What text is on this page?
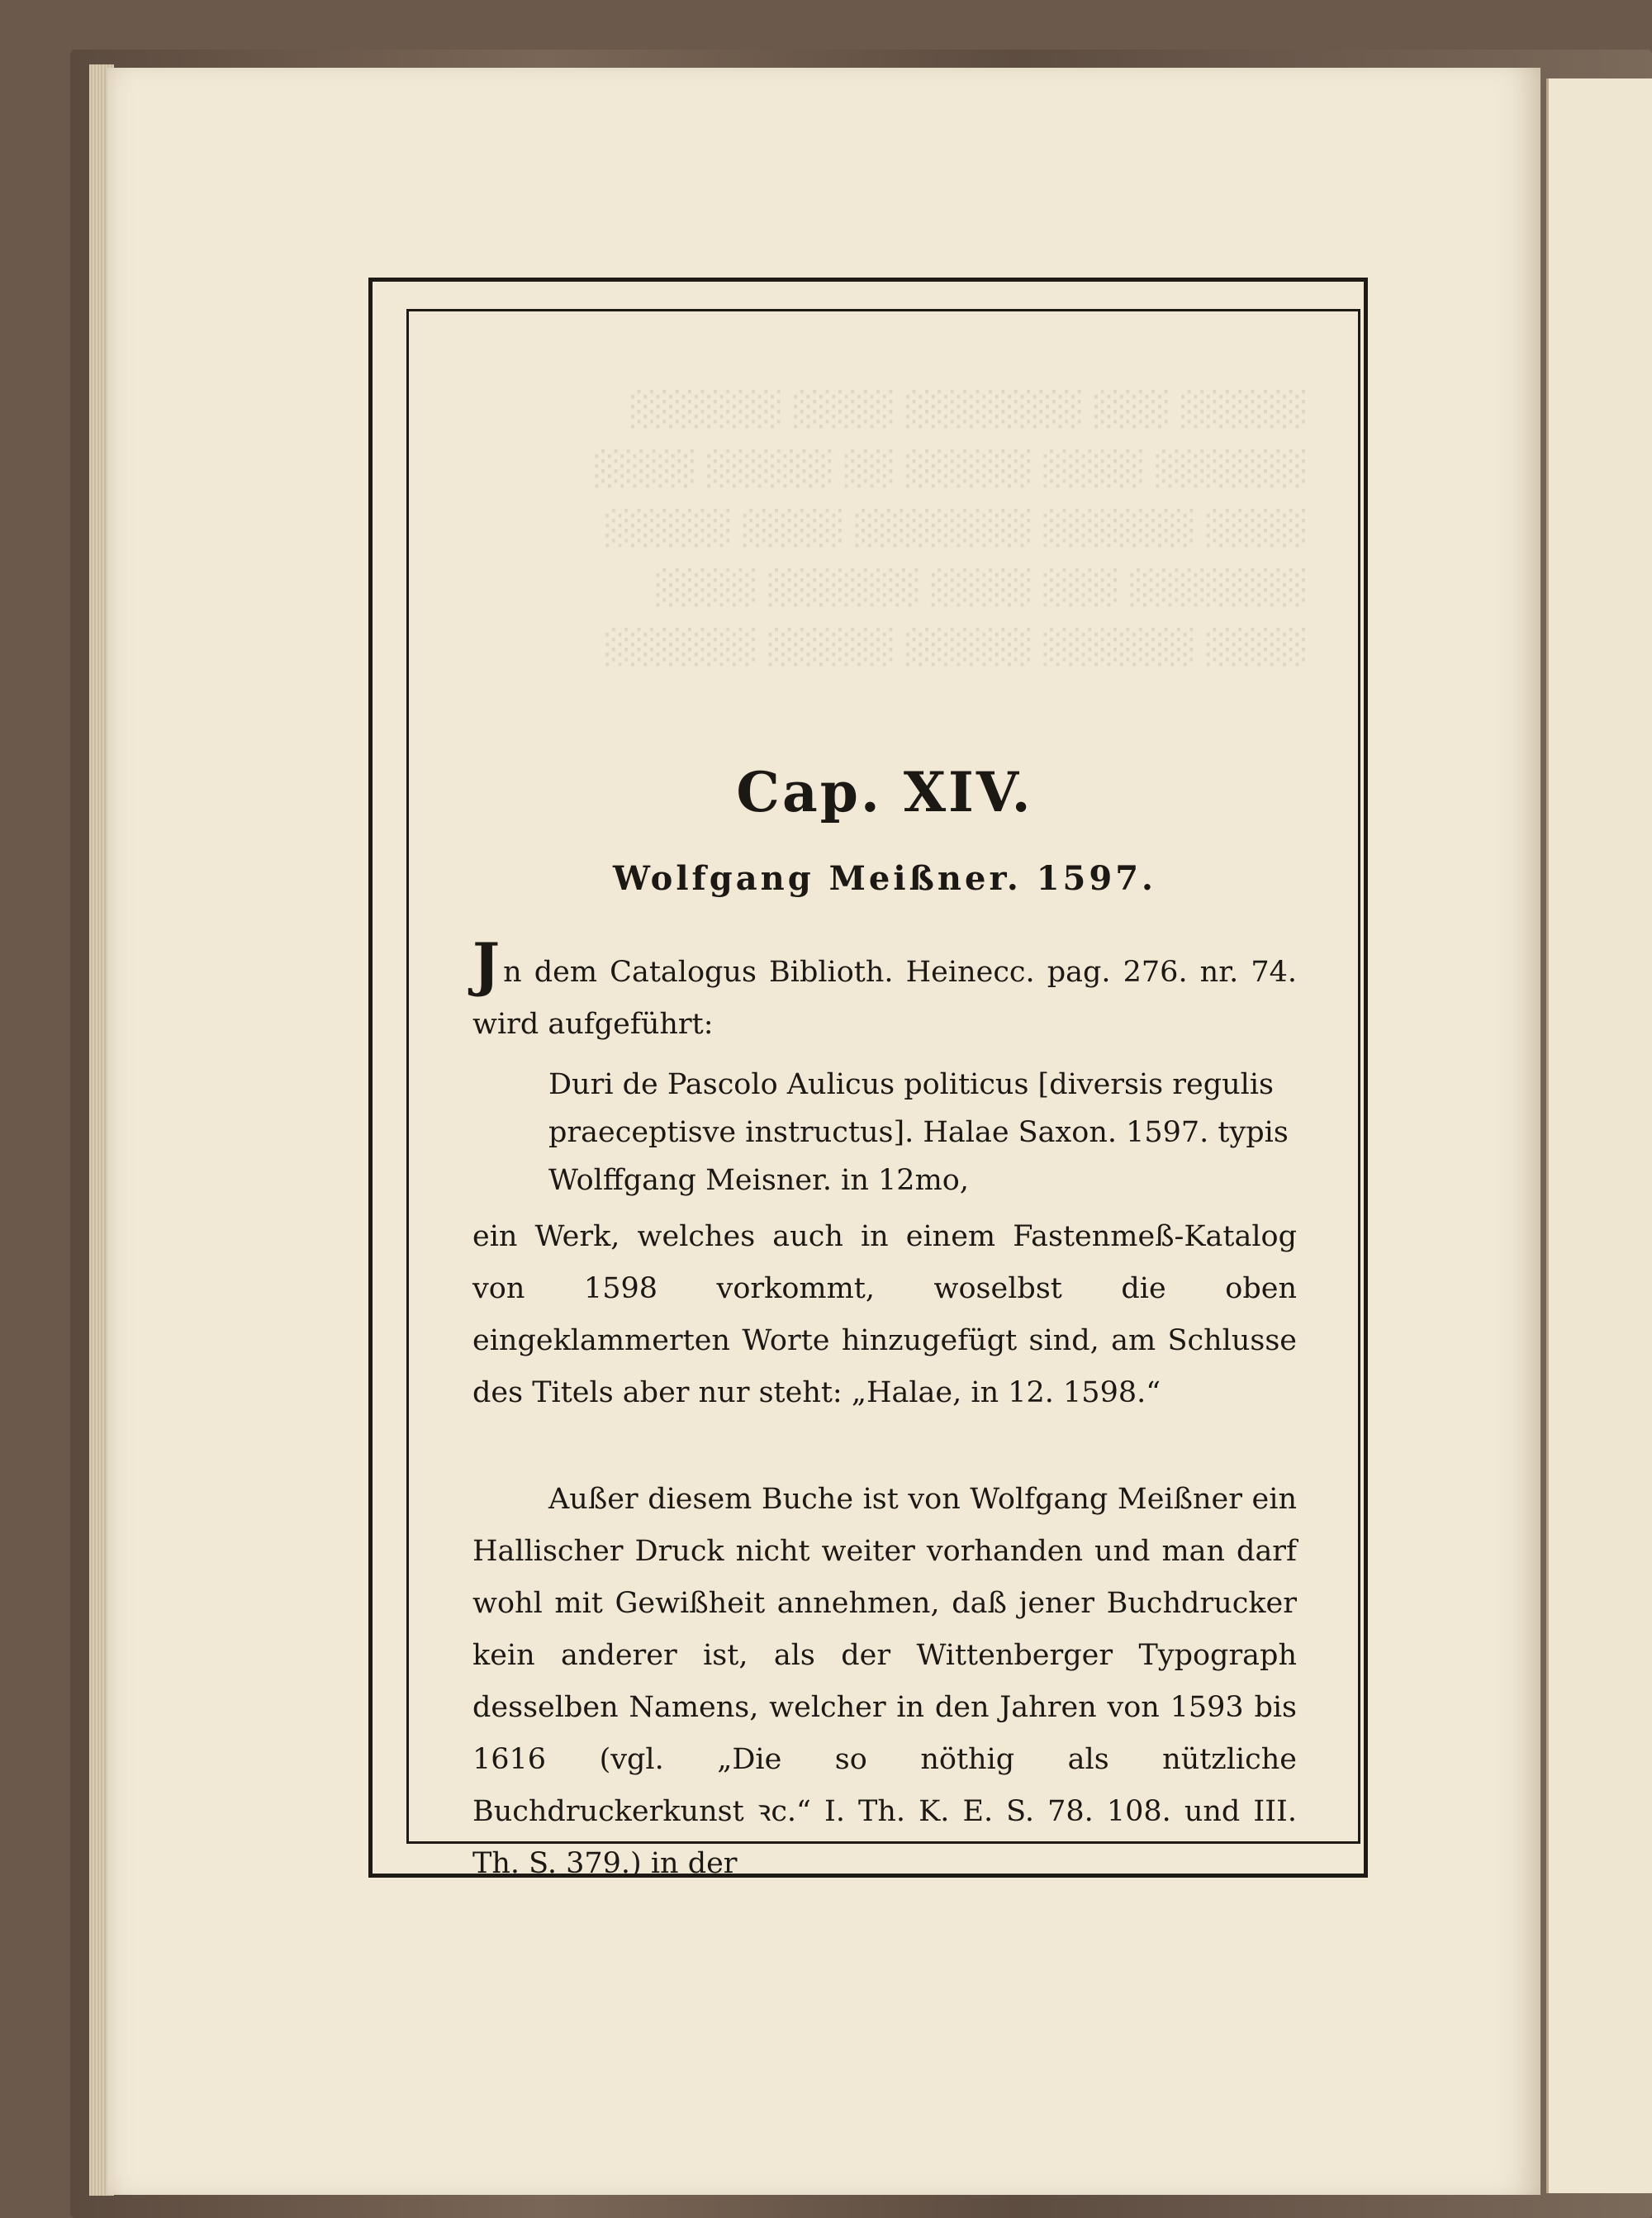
Cap. XIV.
Wolfgang Meißner. 1597.

Jn dem Catalogus Biblioth. Heinecc. pag. 276. nr. 74. wird aufgeführt:

Duri de Pascolo Aulicus politicus [diversis regulis
praeceptisve instructus]. Halae Saxon. 1597. typis
Wolffgang Meisner. in 12mo,

ein Werk, welches auch in einem Fastenmeß-Katalog von 1598 vorkommt, woselbst die oben eingeklammerten Worte hinzugefügt sind, am Schlusse des Titels aber nur steht: „Halae, in 12. 1598.“

Außer diesem Buche ist von Wolfgang Meißner ein Hallischer Druck nicht weiter vorhanden und man darf wohl mit Gewißheit annehmen, daß jener Buchdrucker kein anderer ist, als der Wittenberger Typograph desselben Namens, welcher in den Jahren von 1593 bis 1616 (vgl. „Die so nöthig als nützliche Buchdruckerkunst ꝛc.“ I. Th. K. E. S. 78. 108. und III. Th. S. 379.) in der
